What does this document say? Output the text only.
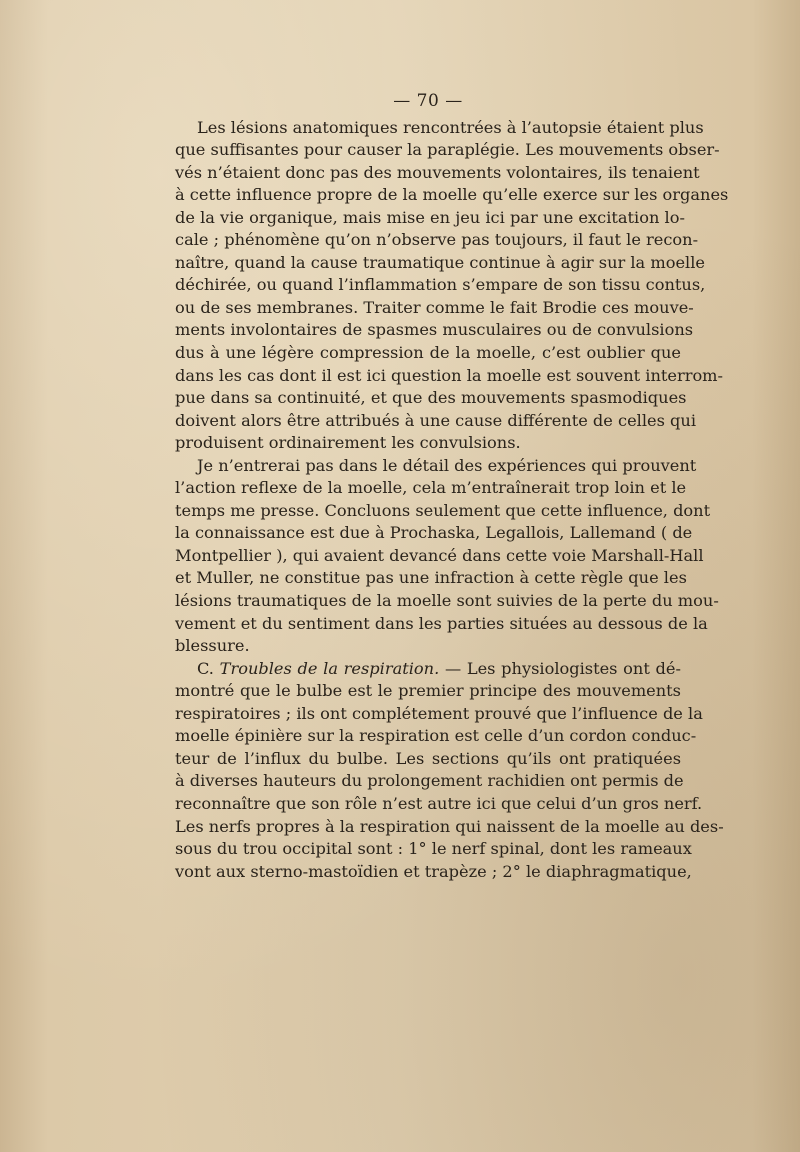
— 70 —
Les lésions anatomiques rencontrées à l’autopsie étaient plus
que suffisantes pour causer la paraplégie. Les mouvements obser-
vés n’étaient donc pas des mouvements volontaires, ils tenaient
à cette influence propre de la moelle qu’elle exerce sur les organes
de la vie organique, mais mise en jeu ici par une excitation lo-
cale ; phénomène qu’on n’observe pas toujours, il faut le recon-
naître, quand la cause traumatique continue à agir sur la moelle
déchirée, ou quand l’inflammation s’empare de son tissu contus,
ou de ses membranes. Traiter comme le fait Brodie ces mouve-
ments involontaires de spasmes musculaires ou de convulsions
dus à une légère compression de la moelle, c’est oublier que
dans les cas dont il est ici question la moelle est souvent interrom-
pue dans sa continuité, et que des mouvements spasmodiques
doivent alors être attribués à une cause différente de celles qui
produisent ordinairement les convulsions.
Je n’entrerai pas dans le détail des expériences qui prouvent
l’action reflexe de la moelle, cela m’entraînerait trop loin et le
temps me presse. Concluons seulement que cette influence, dont
la connaissance est due à Prochaska, Legallois, Lallemand ( de
Montpellier ), qui avaient devancé dans cette voie Marshall-Hall
et Muller, ne constitue pas une infraction à cette règle que les
lésions traumatiques de la moelle sont suivies de la perte du mou-
vement et du sentiment dans les parties situées au dessous de la
blessure.
C. Troubles de la respiration. — Les physiologistes ont dé-
montré que le bulbe est le premier principe des mouvements
respiratoires ; ils ont complétement prouvé que l’influence de la
moelle épinière sur la respiration est celle d’un cordon conduc-
teur de l’influx du bulbe. Les sections qu’ils ont pratiquées
à diverses hauteurs du prolongement rachidien ont permis de
reconnaître que son rôle n’est autre ici que celui d’un gros nerf.
Les nerfs propres à la respiration qui naissent de la moelle au des-
sous du trou occipital sont : 1° le nerf spinal, dont les rameaux
vont aux sterno-mastoïdien et trapèze ; 2° le diaphragmatique,
